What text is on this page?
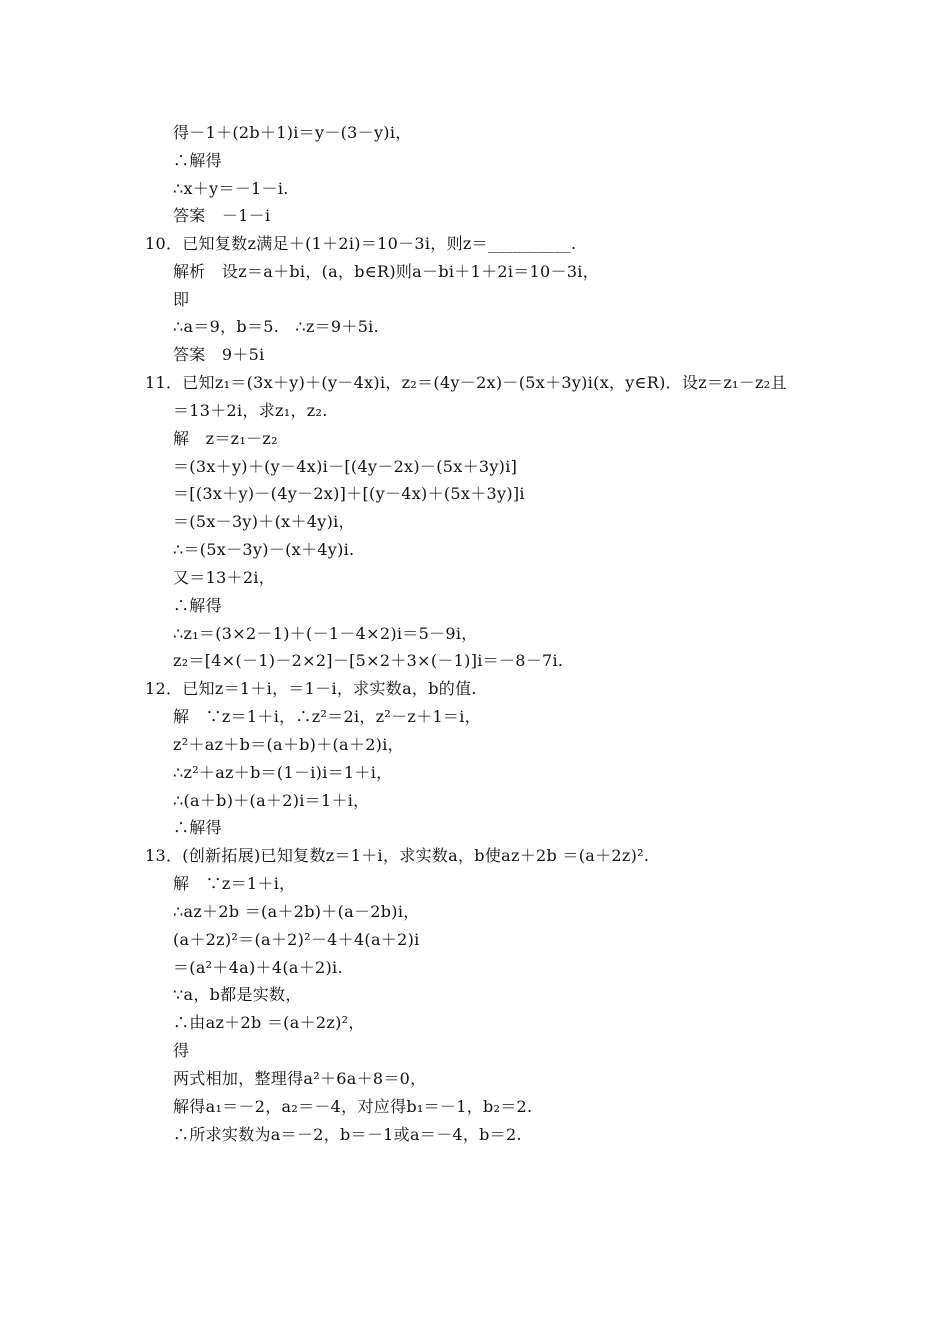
得－1＋(2b＋1)i＝y－(3－y)i，
∴解得
∴x＋y＝－1－i.
答案　－1－i
10．已知复数z满足＋(1＋2i)＝10－3i，则z＝__________.
解析　设z＝a＋bi，(a，b∈R)则a－bi＋1＋2i＝10－3i，
即
∴a＝9，b＝5.　∴z＝9＋5i.
答案　9＋5i
11．已知z₁＝(3x＋y)＋(y－4x)i，z₂＝(4y－2x)－(5x＋3y)i(x，y∈R)．设z＝z₁－z₂且
＝13＋2i，求z₁，z₂.
解　z＝z₁－z₂
＝(3x＋y)＋(y－4x)i－[(4y－2x)－(5x＋3y)i]
＝[(3x＋y)－(4y－2x)]＋[(y－4x)＋(5x＋3y)]i
＝(5x－3y)＋(x＋4y)i，
∴＝(5x－3y)－(x＋4y)i.
又＝13＋2i，
∴解得
∴z₁＝(3×2－1)＋(－1－4×2)i＝5－9i，
z₂＝[4×(－1)－2×2]－[5×2＋3×(－1)]i＝－8－7i.
12．已知z＝1＋i，＝1－i，求实数a，b的值.
解　∵z＝1＋i，∴z²＝2i，z²－z＋1＝i，
z²＋az＋b＝(a＋b)＋(a＋2)i，
∴z²＋az＋b＝(1－i)i＝1＋i，
∴(a＋b)＋(a＋2)i＝1＋i，
∴解得
13．(创新拓展)已知复数z＝1＋i，求实数a，b使az＋2b ＝(a＋2z)².
解　∵z＝1＋i，
∴az＋2b ＝(a＋2b)＋(a－2b)i，
(a＋2z)²＝(a＋2)²－4＋4(a＋2)i
＝(a²＋4a)＋4(a＋2)i.
∵a，b都是实数，
∴由az＋2b ＝(a＋2z)²，
得
两式相加，整理得a²＋6a＋8＝0，
解得a₁＝－2，a₂＝－4，对应得b₁＝－1，b₂＝2.
∴所求实数为a＝－2，b＝－1或a＝－4，b＝2.
